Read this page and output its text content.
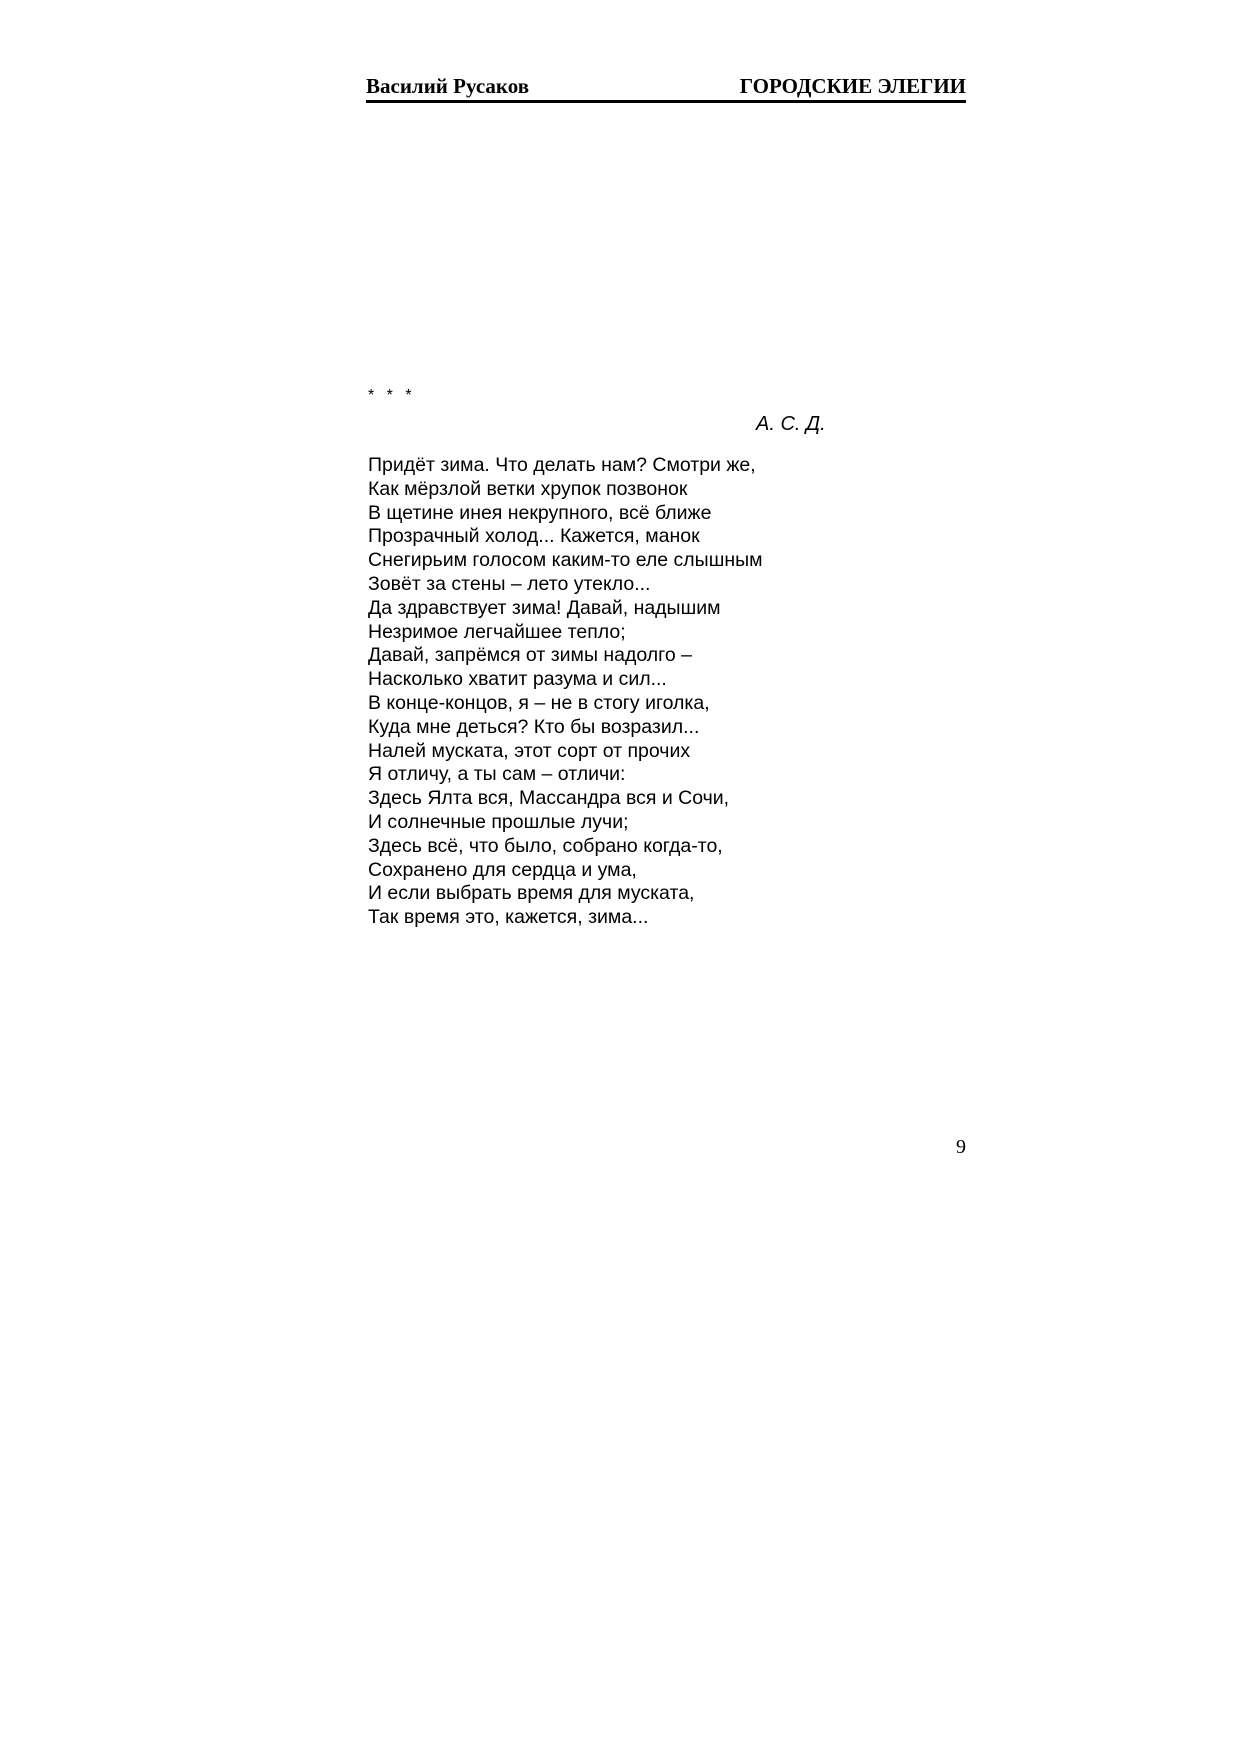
Василий Русаков	ГОРОДСКИЕ ЭЛЕГИИ
* * *
А. С. Д.
Придёт зима. Что делать нам? Смотри же,
Как мёрзлой ветки хрупок позвонок
В щетине инея некрупного, всё ближе
Прозрачный холод... Кажется, манок
Снегирьим голосом каким-то еле слышным
Зовёт за стены – лето утекло...
Да здравствует зима! Давай, надышим
Незримое легчайшее тепло;
Давай, запрёмся от зимы надолго –
Насколько хватит разума и сил...
В конце-концов, я – не в стогу иголка,
Куда мне деться? Кто бы возразил...
Налей муската, этот сорт от прочих
Я отличу, а ты сам – отличи:
Здесь Ялта вся, Массандра вся и Сочи,
И солнечные прошлые лучи;
Здесь всё, что было, собрано когда-то,
Сохранено для сердца и ума,
И если выбрать время для муската,
Так время это, кажется, зима...
9
